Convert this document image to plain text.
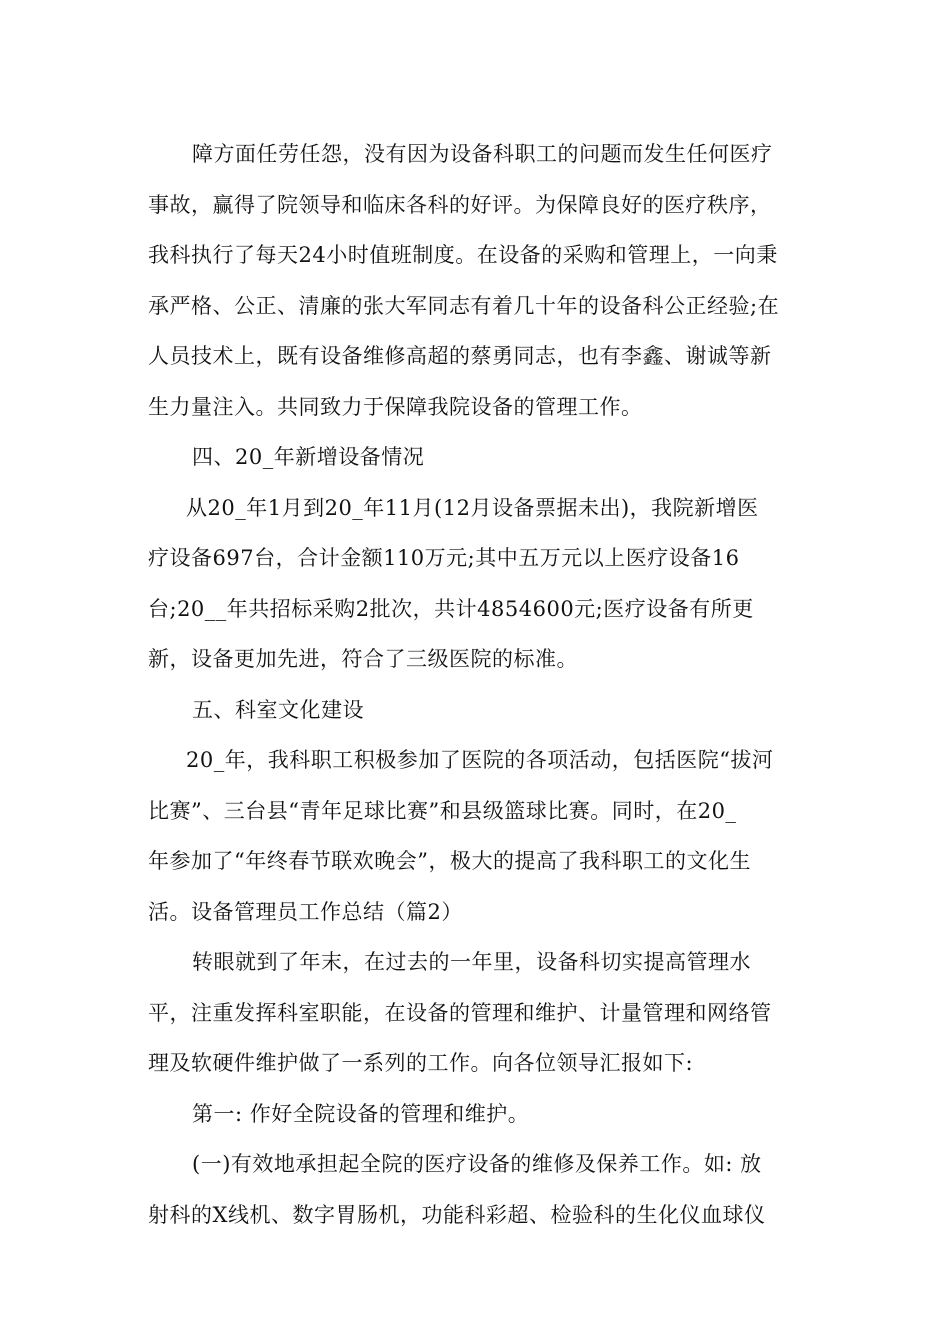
障方面任劳任怨，没有因为设备科职工的问题而发生任何医疗
事故，赢得了院领导和临床各科的好评。为保障良好的医疗秩序，
我科执行了每天24小时值班制度。在设备的采购和管理上，一向秉
承严格、公正、清廉的张大军同志有着几十年的设备科公正经验;在
人员技术上，既有设备维修高超的蔡勇同志，也有李鑫、谢诚等新
生力量注入。共同致力于保障我院设备的管理工作。
四、20_年新增设备情况
从20_年1月到20_年11月(12月设备票据未出)，我院新增医
疗设备697台，合计金额110万元;其中五万元以上医疗设备16
台;20__年共招标采购2批次，共计4854600元;医疗设备有所更
新，设备更加先进，符合了三级医院的标准。
五、科室文化建设
20_年，我科职工积极参加了医院的各项活动，包括医院“拔河
比赛”、三台县“青年足球比赛”和县级篮球比赛。同时，在20_
年参加了“年终春节联欢晚会”，极大的提高了我科职工的文化生
活。设备管理员工作总结（篇2）
转眼就到了年末，在过去的一年里，设备科切实提高管理水
平，注重发挥科室职能，在设备的管理和维护、计量管理和网络管
理及软硬件维护做了一系列的工作。向各位领导汇报如下:
第一: 作好全院设备的管理和维护。
(一)有效地承担起全院的医疗设备的维修及保养工作。如: 放
射科的X线机、数字胃肠机，功能科彩超、检验科的生化仪血球仪
